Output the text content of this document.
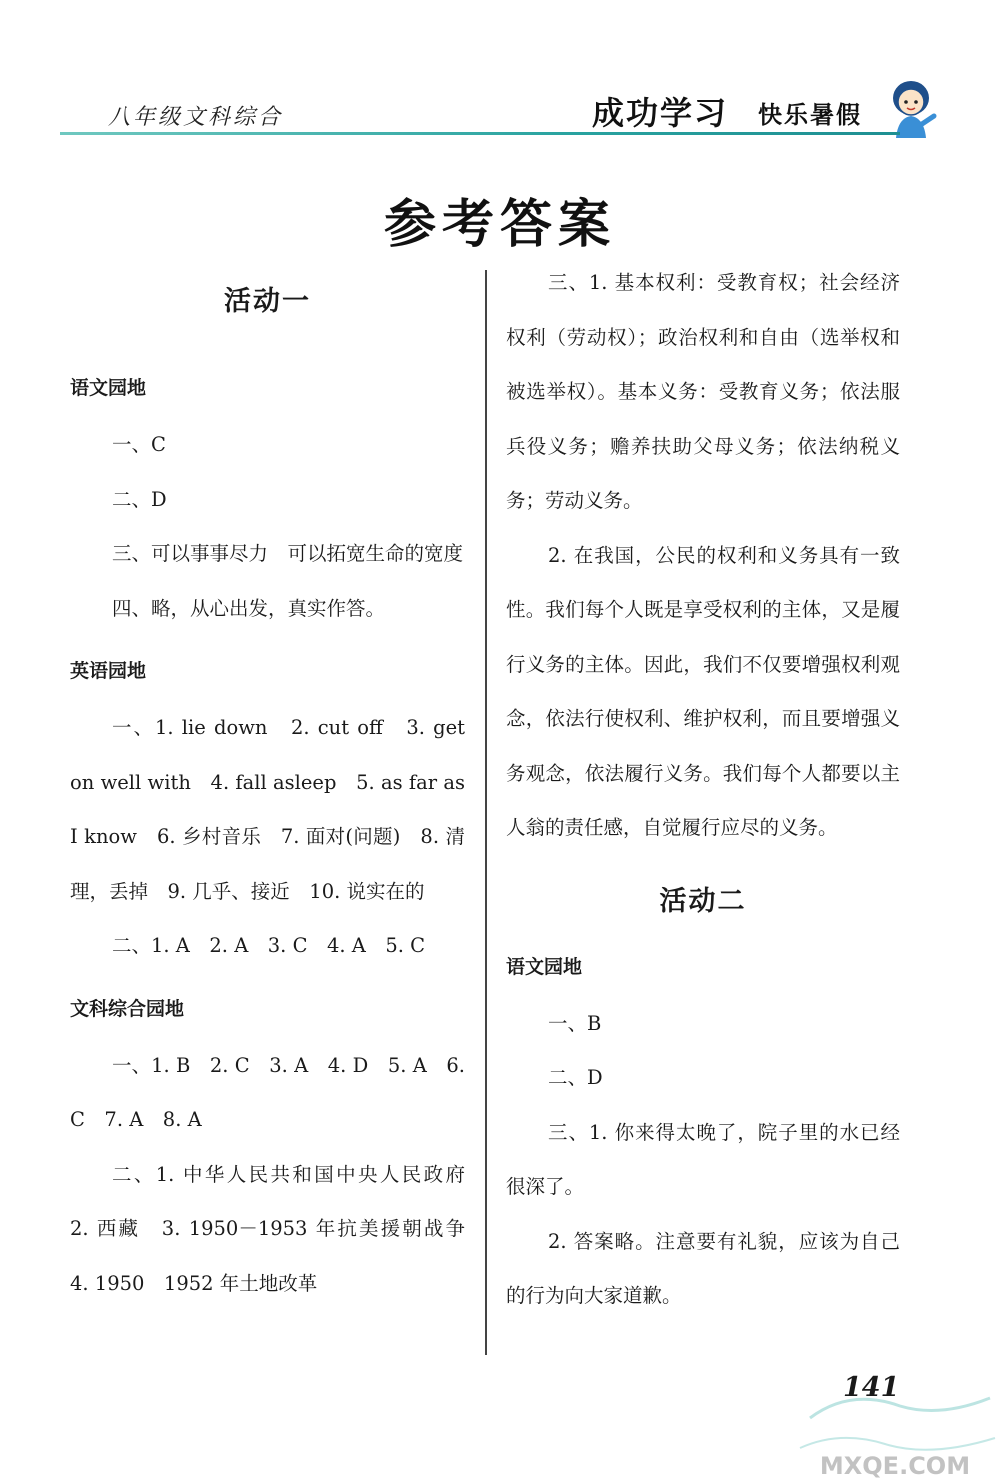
八年级文科综合	成功学习 快乐暑假
参考答案
活动一
语文园地

一、C

二、D

三、可以事事尽力　可以拓宽生命的宽度

四、略，从心出发，真实作答。

英语园地

一、1. lie down　2. cut off　3. get on well with　4. fall asleep　5. as far as I know　6. 乡村音乐　7. 面对(问题)　8. 清理，丢掉　9. 几乎、接近　10. 说实在的

二、1. A　2. A　3. C　4. A　5. C

文科综合园地

一、1. B　2. C　3. A　4. D　5. A　6. C　7. A　8. A

二、1. 中华人民共和国中央人民政府　2. 西藏　3. 1950－1953 年抗美援朝战争　4. 1950　1952 年土地改革

三、1. 基本权利：受教育权；社会经济权利（劳动权）；政治权利和自由（选举权和被选举权）。基本义务：受教育义务；依法服兵役义务；赡养扶助父母义务；依法纳税义务；劳动义务。

2. 在我国，公民的权利和义务具有一致性。我们每个人既是享受权利的主体，又是履行义务的主体。因此，我们不仅要增强权利观念，依法行使权利、维护权利，而且要增强义务观念，依法履行义务。我们每个人都要以主人翁的责任感，自觉履行应尽的义务。

活动二
语文园地

一、B

二、D

三、1. 你来得太晚了，院子里的水已经很深了。

2. 答案略。注意要有礼貌，应该为自己的行为向大家道歉。

MXQE.COM
141
